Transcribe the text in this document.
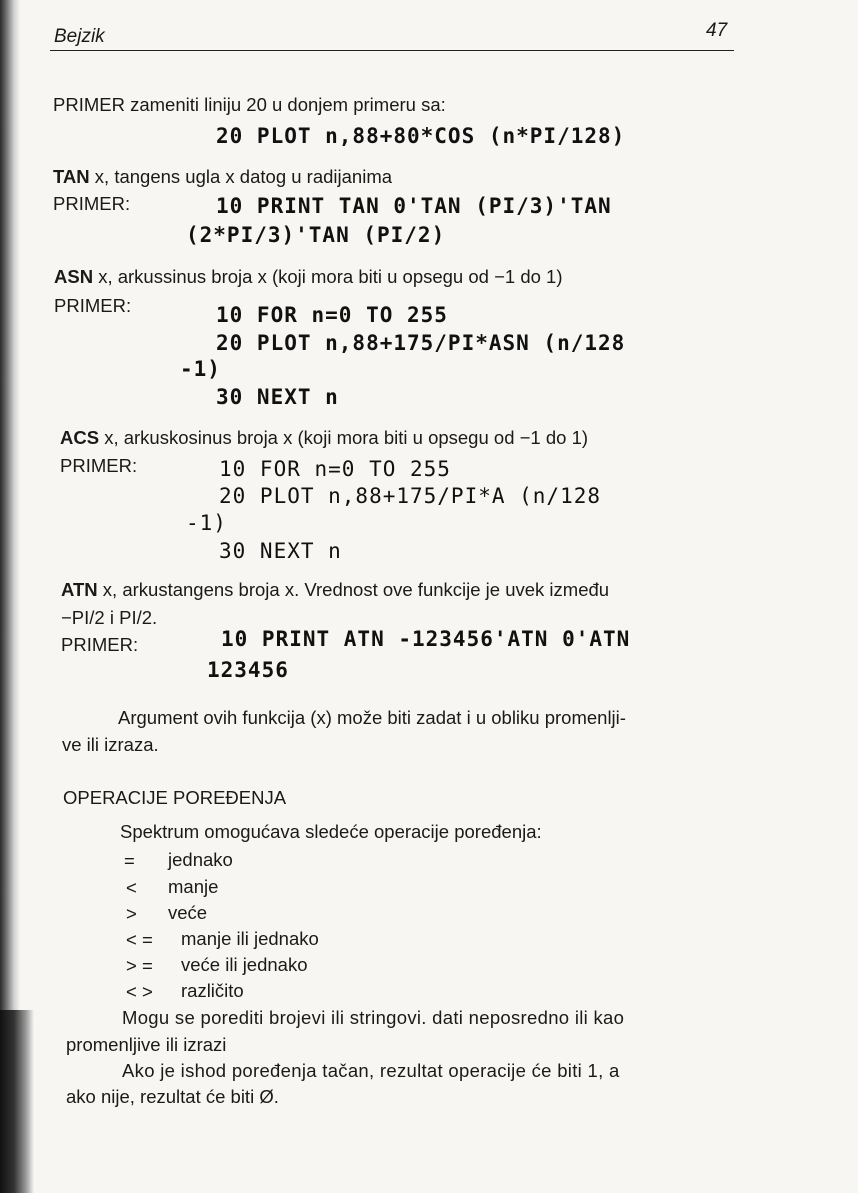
Bejzik	47
PRIMER zameniti liniju 20 u donjem primeru sa:
20 PLOT n,88+80*COS (n*PI/128)
TAN x, tangens ugla x datog u radijanima
PRIMER:	10 PRINT TAN 0'TAN (PI/3)'TAN
(2*PI/3)'TAN (PI/2)
ASN x, arkussinus broja x (koji mora biti u opsegu od −1 do 1)
PRIMER:	10 FOR n=0 TO 255
20 PLOT n,88+175/PI*ASN (n/128
-1)
30 NEXT n
ACS x, arkuskosinus broja x (koji mora biti u opsegu od −1 do 1)
PRIMER:	10 FOR n=0 TO 255
20 PLOT n,88+175/PI*A (n/128
-1)
30 NEXT n
ATN x, arkustangens broja x. Vrednost ove funkcije je uvek između
−PI/2 i PI/2.
PRIMER:	10 PRINT ATN -123456'ATN 0'ATN
123456
Argument ovih funkcija (x) može biti zadat i u obliku promenlji-
ve ili izraza.
OPERACIJE POREĐENJA
Spektrum omogućava sledeće operacije poređenja:
= jednako
< manje
> veće
< = manje ili jednako
> = veće ili jednako
< > različito
Mogu se porediti brojevi ili stringovi. dati neposredno ili kao
promenljive ili izrazi
Ako je ishod poređenja tačan, rezultat operacije će biti 1, a
ako nije, rezultat će biti Ø.
